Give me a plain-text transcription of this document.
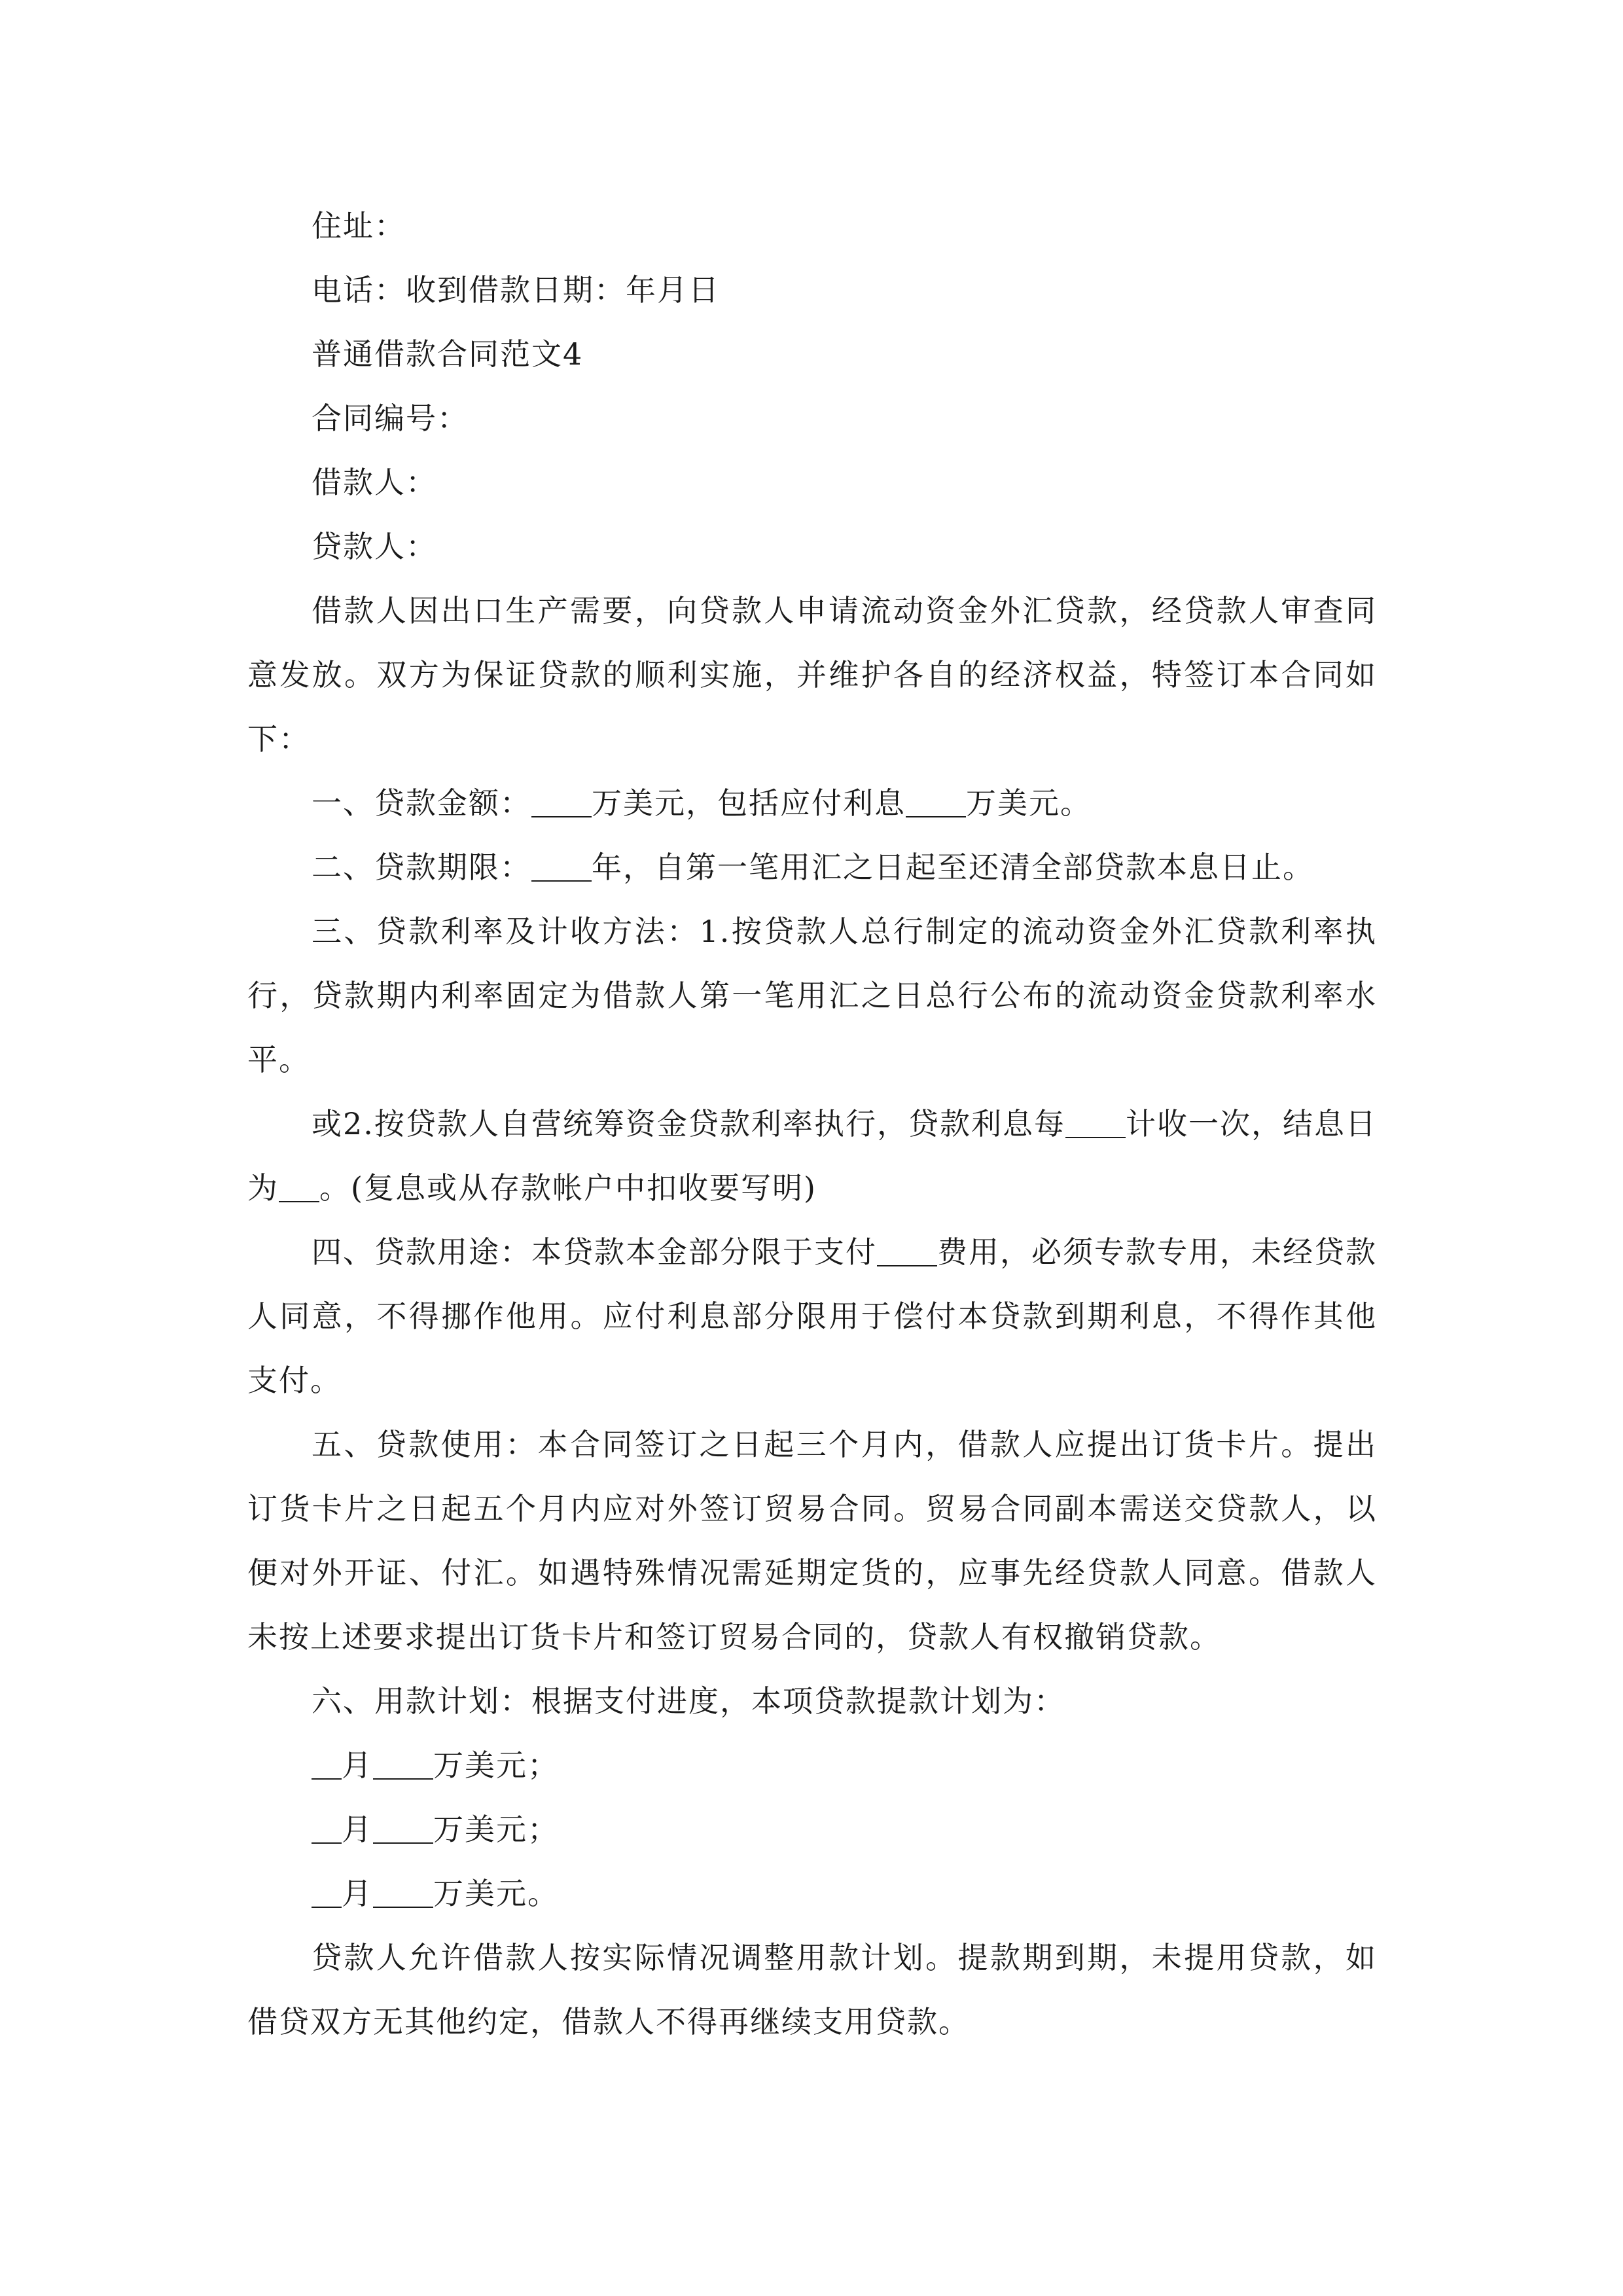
住址：
电话：收到借款日期：年月日
普通借款合同范文4
合同编号：
借款人：
贷款人：
借款人因出口生产需要，向贷款人申请流动资金外汇贷款，经贷款人审查同意发放。双方为保证贷款的顺利实施，并维护各自的经济权益，特签订本合同如下：
一、贷款金额： 万美元，包括应付利息 万美元。
二、贷款期限： 年，自第一笔用汇之日起至还清全部贷款本息日止。
三、贷款利率及计收方法：1.按贷款人总行制定的流动资金外汇贷款利率执行，贷款期内利率固定为借款人第一笔用汇之日总行公布的流动资金贷款利率水平。
或2.按贷款人自营统筹资金贷款利率执行，贷款利息每 计收一次，结息日为 。(复息或从存款帐户中扣收要写明)
四、贷款用途：本贷款本金部分限于支付 费用，必须专款专用，未经贷款人同意，不得挪作他用。应付利息部分限用于偿付本贷款到期利息，不得作其他支付。
五、贷款使用：本合同签订之日起三个月内，借款人应提出订货卡片。提出订货卡片之日起五个月内应对外签订贸易合同。贸易合同副本需送交贷款人，以便对外开证、付汇。如遇特殊情况需延期定货的，应事先经贷款人同意。借款人未按上述要求提出订货卡片和签订贸易合同的，贷款人有权撤销贷款。
六、用款计划：根据支付进度，本项贷款提款计划为：
月 万美元；
月 万美元；
月 万美元。
贷款人允许借款人按实际情况调整用款计划。提款期到期，未提用贷款，如借贷双方无其他约定，借款人不得再继续支用贷款。
